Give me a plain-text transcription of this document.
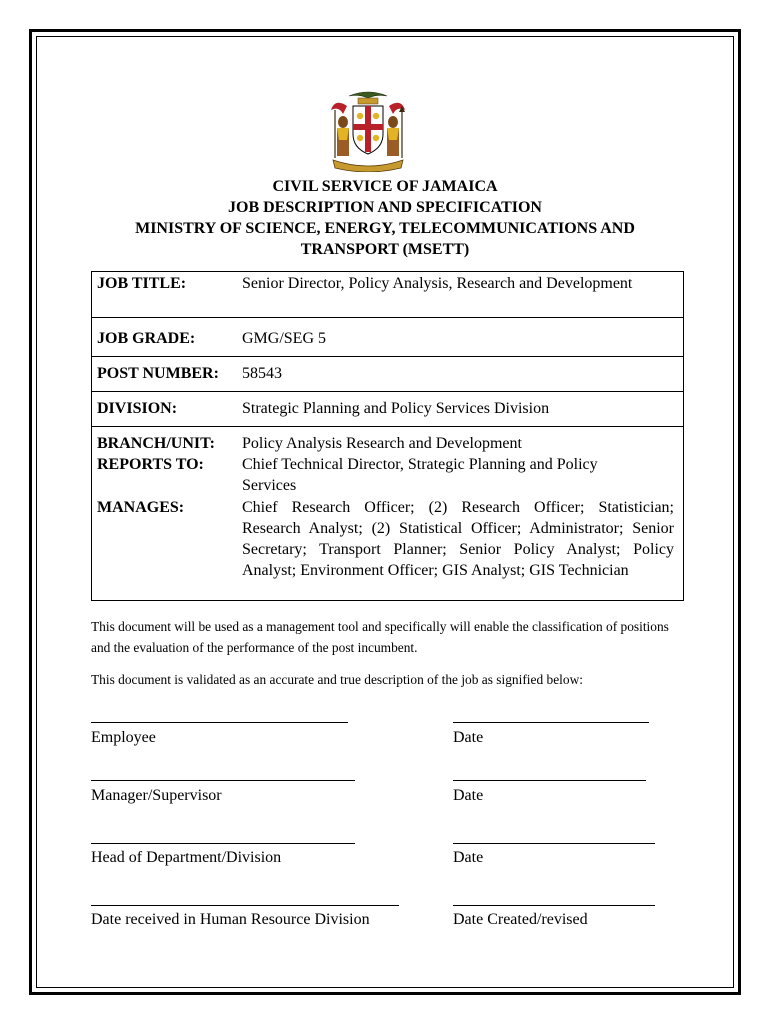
CIVIL SERVICE OF JAMAICA
JOB DESCRIPTION AND SPECIFICATION
MINISTRY OF SCIENCE, ENERGY, TELECOMMUNICATIONS AND
TRANSPORT (MSETT)
JOB TITLE:	Senior Director, Policy Analysis, Research and Development
JOB GRADE:	GMG/SEG 5
POST NUMBER: 58543
DIVISION:	Strategic Planning and Policy Services Division
BRANCH/UNIT: Policy Analysis Research and Development
REPORTS TO: Chief Technical Director, Strategic Planning and Policy Services
MANAGES:	Chief Research Officer; (2) Research Officer; Statistician; Research Analyst; (2) Statistical Officer; Administrator; Senior Secretary; Transport Planner; Senior Policy Analyst; Policy Analyst; Environment Officer; GIS Analyst; GIS Technician
This document will be used as a management tool and specifically will enable the classification of positions and the evaluation of the performance of the post incumbent.
This document is validated as an accurate and true description of the job as signified below:
Employee	Date
Manager/Supervisor	Date
Head of Department/Division	Date
Date received in Human Resource Division	Date Created/revised
